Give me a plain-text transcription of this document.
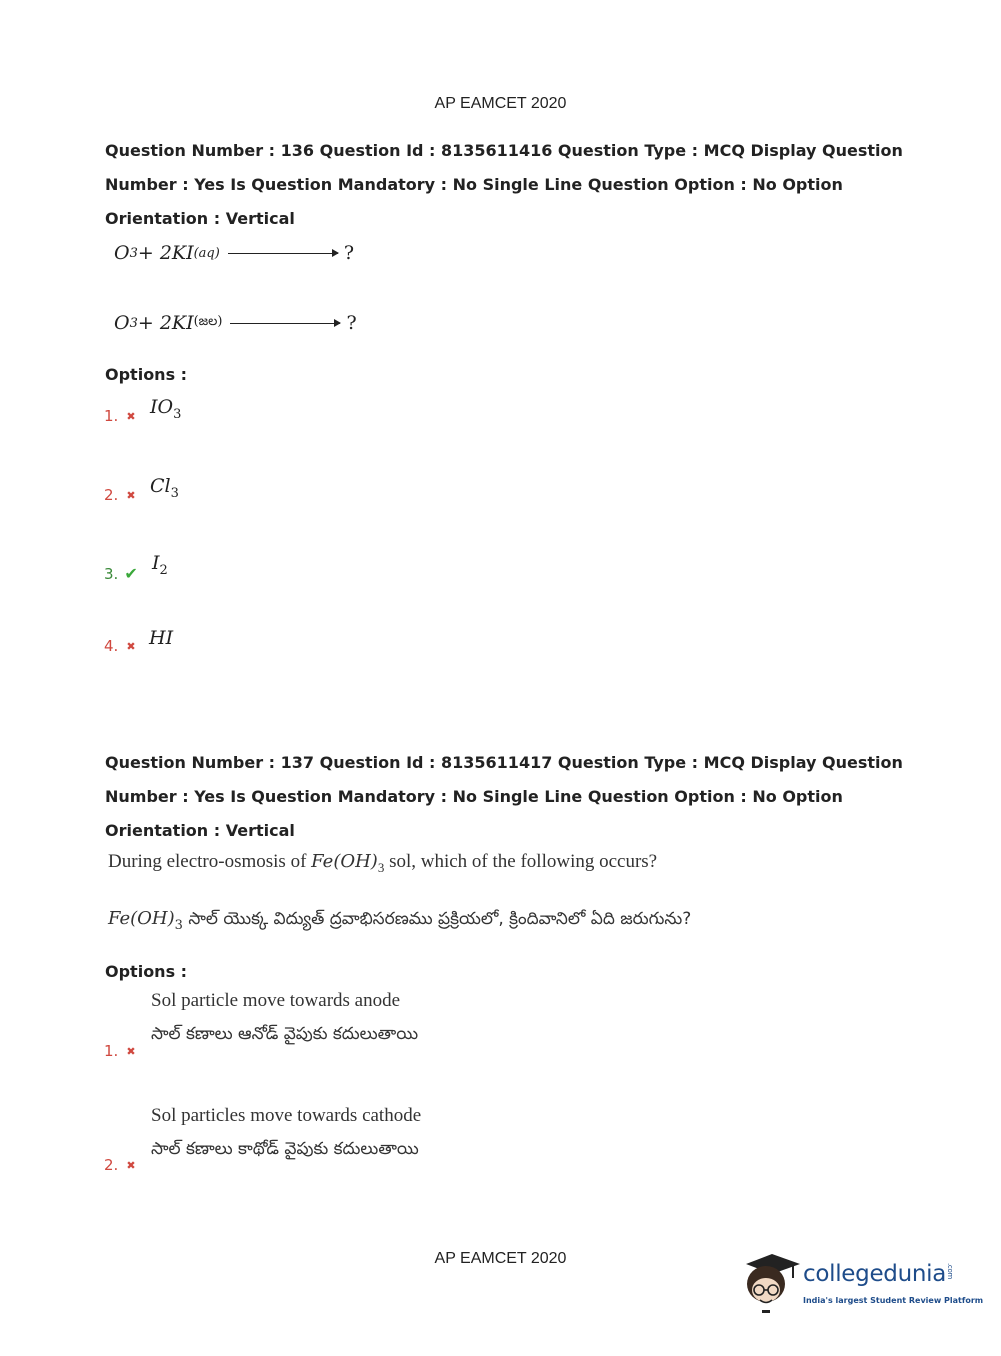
AP EAMCET 2020
Question Number : 136 Question Id : 8135611416 Question Type : MCQ Display Question
Number : Yes Is Question Mandatory : No Single Line Question Option : No Option
Orientation : Vertical
O 3 + 2KI (aq)	?
O 3 + 2KI (జల)	?
Options :
1. ✖ $IO_3$
2. ✖ $Cl_3$
3. ✔ $I_2$
4. ✖ HI
Question Number : 137 Question Id : 8135611417 Question Type : MCQ Display Question
Number : Yes Is Question Mandatory : No Single Line Question Option : No Option
Orientation : Vertical
During electro-osmosis of $Fe(OH)_3$ sol, which of the following occurs?
$Fe(OH)_3$ సాల్ యొక్క విద్యుత్ ద్రవాభిసరణము ప్రక్రియలో, క్రిందివానిలో ఏది జరుగును?
Options :
Sol particle move towards anode
సాల్ కణాలు ఆనోడ్ వైపుకు కదులుతాయి
1. ✖
Sol particles move towards cathode
సాల్ కణాలు కాథోడ్ వైపుకు కదులుతాయి
2. ✖
AP EAMCET 2020
collegedunia.com
India's largest Student Review Platform
